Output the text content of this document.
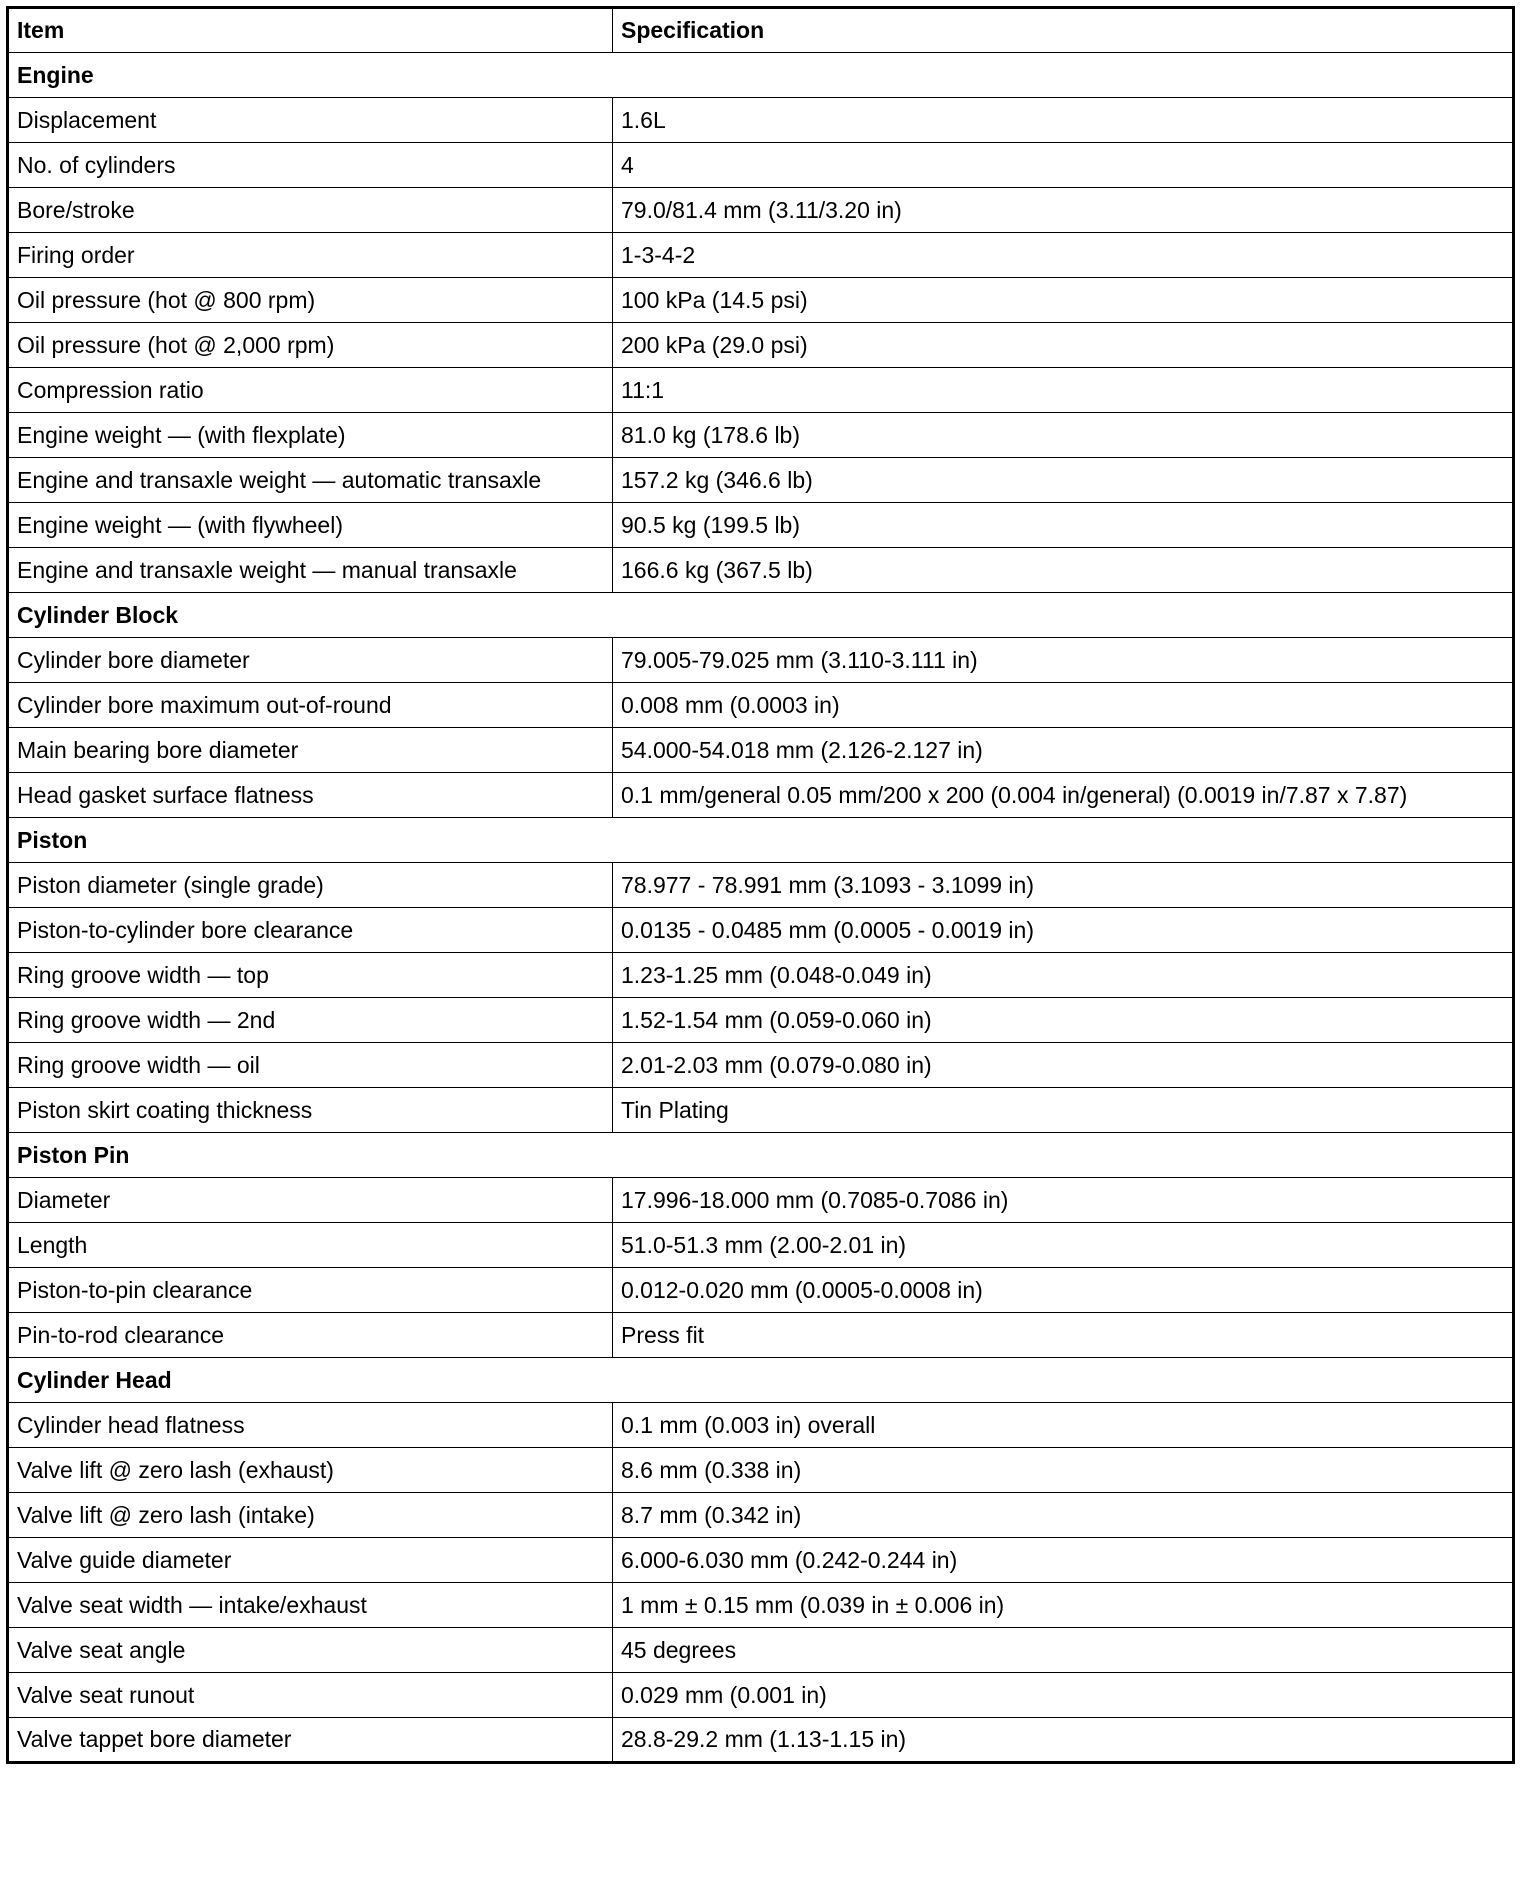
Item	Specification
Engine	
Displacement	1.6L
No. of cylinders	4
Bore/stroke	79.0/81.4 mm (3.11/3.20 in)
Firing order	1-3-4-2
Oil pressure (hot @ 800 rpm)	100 kPa (14.5 psi)
Oil pressure (hot @ 2,000 rpm)	200 kPa (29.0 psi)
Compression ratio	11:1
Engine weight — (with flexplate)	81.0 kg (178.6 lb)
Engine and transaxle weight — automatic transaxle	157.2 kg (346.6 lb)
Engine weight — (with flywheel)	90.5 kg (199.5 lb)
Engine and transaxle weight — manual transaxle	166.6 kg (367.5 lb)
Cylinder Block	
Cylinder bore diameter	79.005-79.025 mm (3.110-3.111 in)
Cylinder bore maximum out-of-round	0.008 mm (0.0003 in)
Main bearing bore diameter	54.000-54.018 mm (2.126-2.127 in)
Head gasket surface flatness	0.1 mm/general 0.05 mm/200 x 200 (0.004 in/general) (0.0019 in/7.87 x 7.87)
Piston	
Piston diameter (single grade)	78.977 - 78.991 mm (3.1093 - 3.1099 in)
Piston-to-cylinder bore clearance	0.0135 - 0.0485 mm (0.0005 - 0.0019 in)
Ring groove width — top	1.23-1.25 mm (0.048-0.049 in)
Ring groove width — 2nd	1.52-1.54 mm (0.059-0.060 in)
Ring groove width — oil	2.01-2.03 mm (0.079-0.080 in)
Piston skirt coating thickness	Tin Plating
Piston Pin	
Diameter	17.996-18.000 mm (0.7085-0.7086 in)
Length	51.0-51.3 mm (2.00-2.01 in)
Piston-to-pin clearance	0.012-0.020 mm (0.0005-0.0008 in)
Pin-to-rod clearance	Press fit
Cylinder Head	
Cylinder head flatness	0.1 mm (0.003 in) overall
Valve lift @ zero lash (exhaust)	8.6 mm (0.338 in)
Valve lift @ zero lash (intake)	8.7 mm (0.342 in)
Valve guide diameter	6.000-6.030 mm (0.242-0.244 in)
Valve seat width — intake/exhaust	1 mm ± 0.15 mm (0.039 in ± 0.006 in)
Valve seat angle	45 degrees
Valve seat runout	0.029 mm (0.001 in)
Valve tappet bore diameter	28.8-29.2 mm (1.13-1.15 in)
